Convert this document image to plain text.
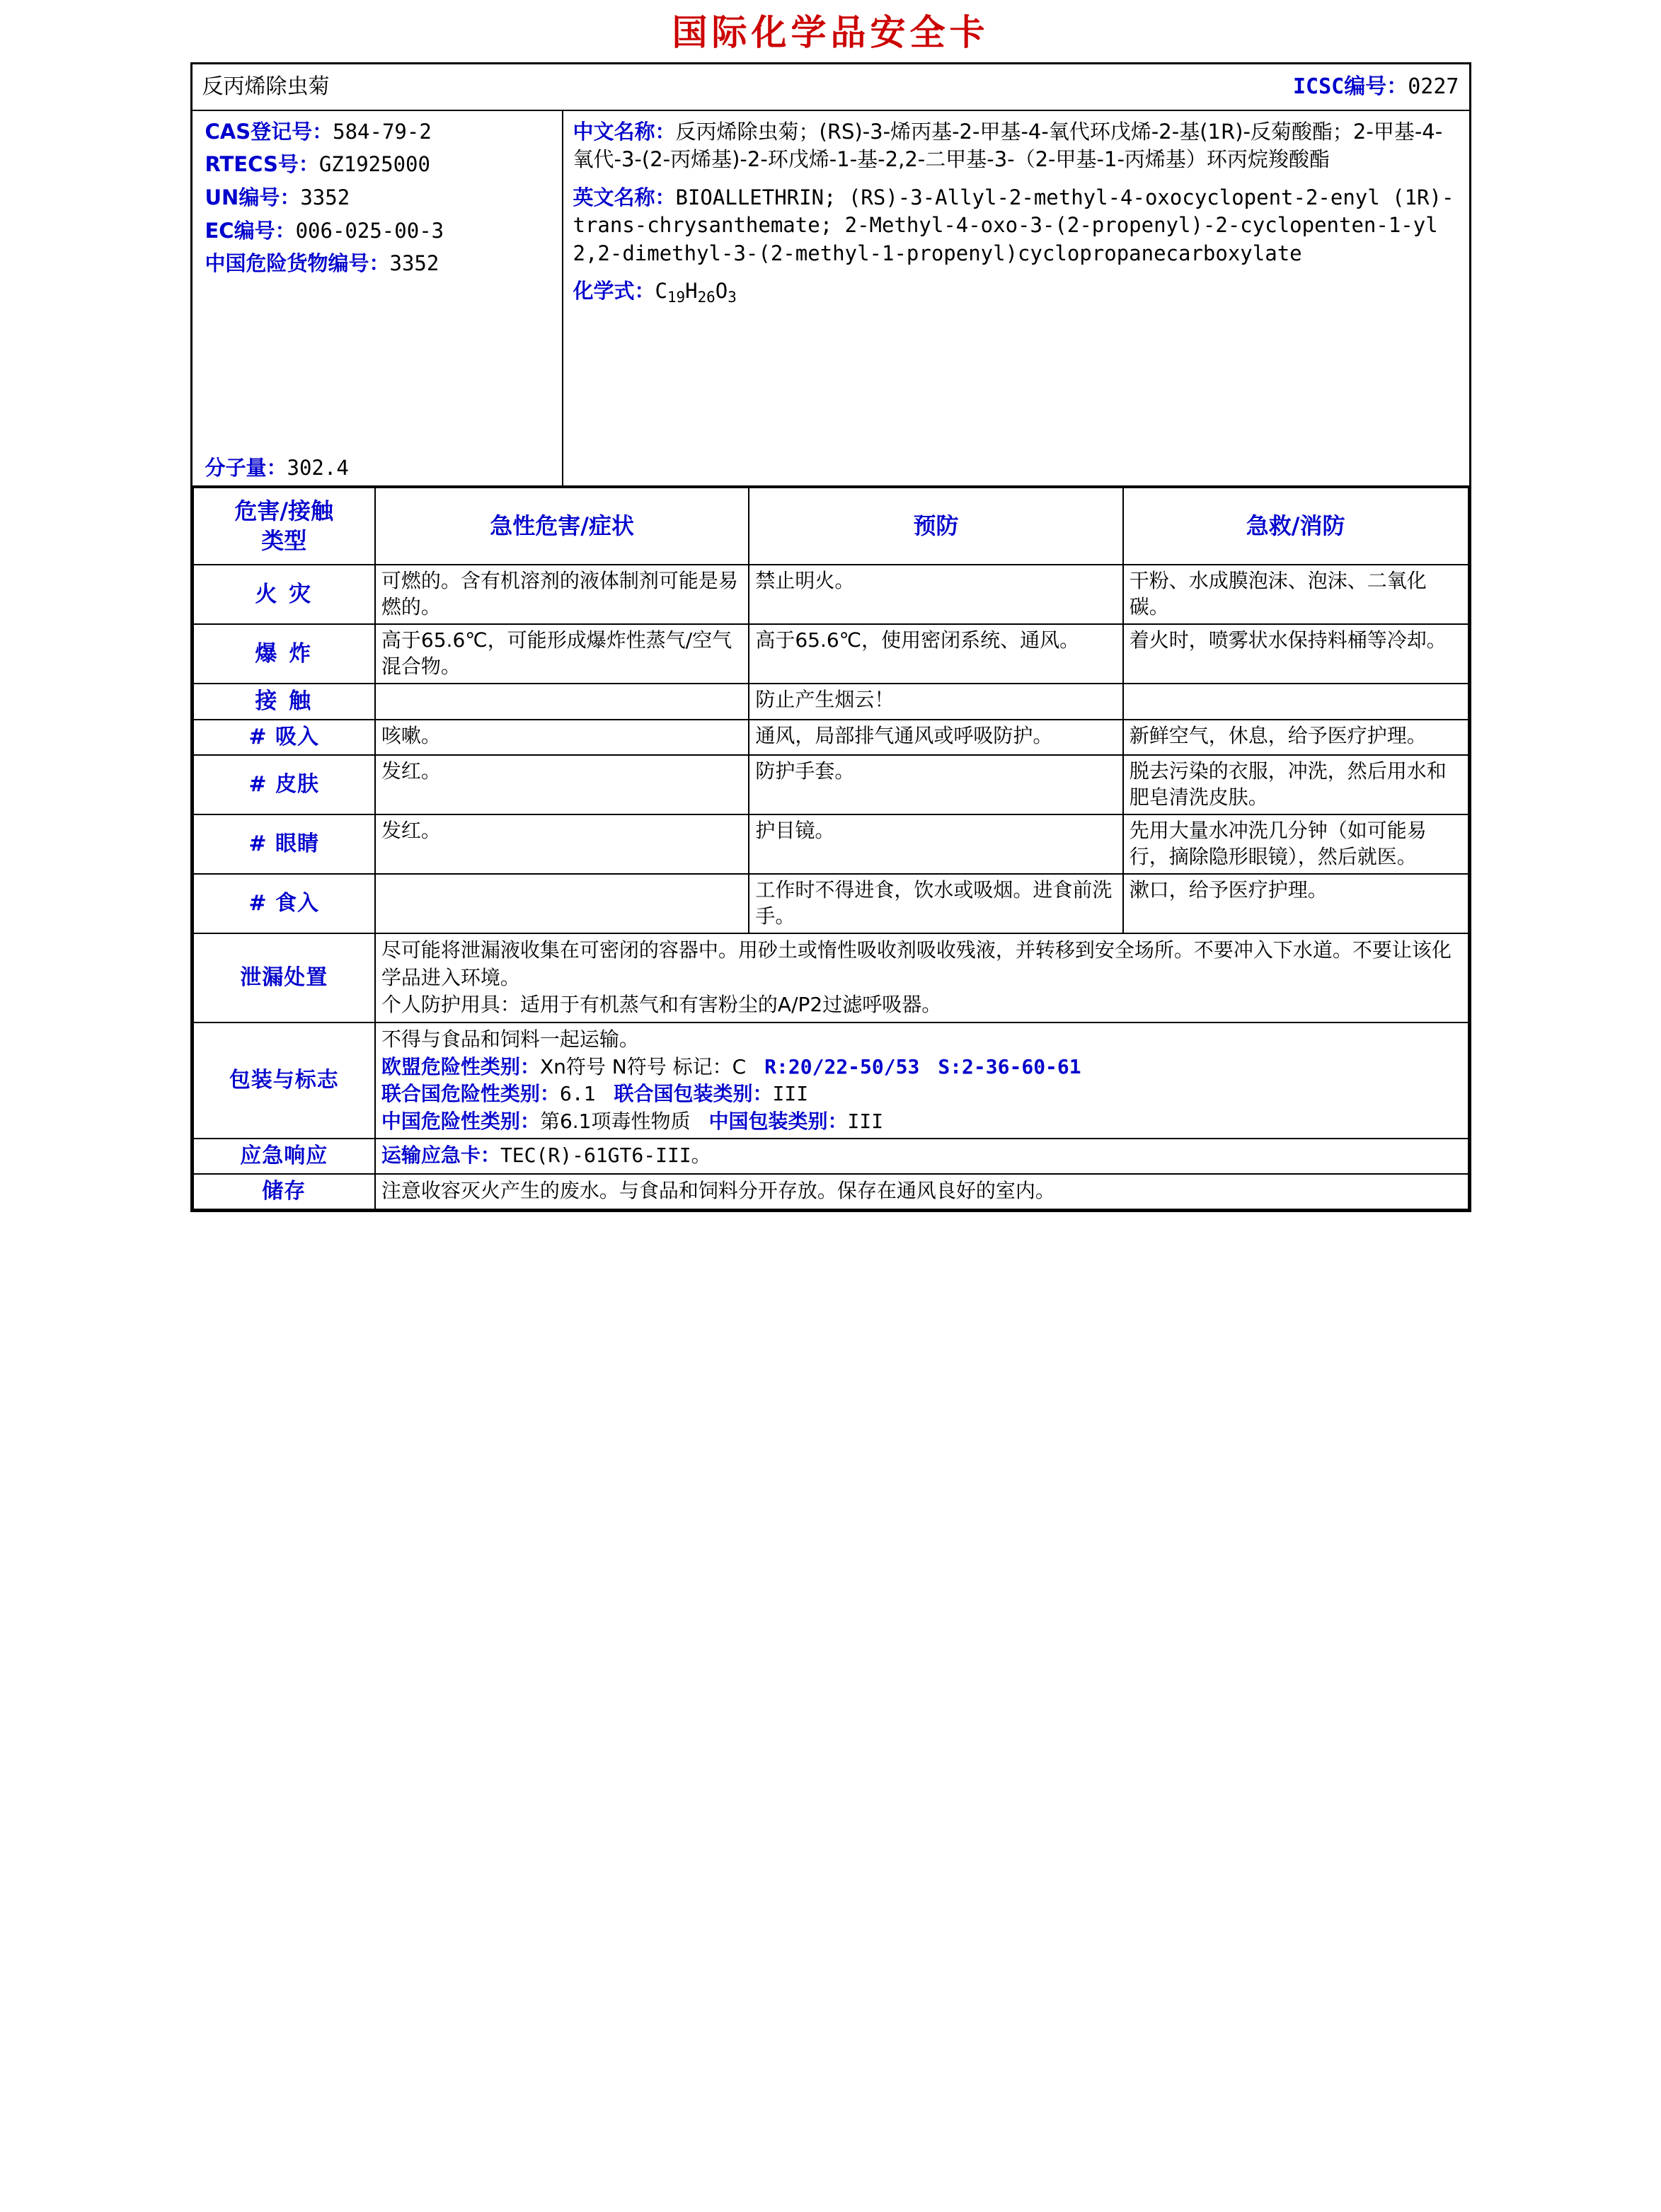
国际化学品安全卡
反丙烯除虫菊	ICSC编号：0227
CAS登记号：584-79-2
RTECS号：GZ1925000
UN编号：3352
EC编号：006-025-00-3
中国危险货物编号：3352
分子量：302.4

中文名称：反丙烯除虫菊；(RS)-3-烯丙基-2-甲基-4-氧代环戊烯-2-基(1R)-反菊酸酯；2-甲基-4-氧代-3-(2-丙烯基)-2-环戊烯-1-基-2,2-二甲基-3-（2-甲基-1-丙烯基）环丙烷羧酸酯
英文名称：BIOALLETHRIN; (RS)-3-Allyl-2-methyl-4-oxocyclopent-2-enyl (1R)-trans-chrysanthemate; 2-Methyl-4-oxo-3-(2-propenyl)-2-cyclopenten-1-yl 2,2-dimethyl-3-(2-methyl-1-propenyl)cyclopropanecarboxylate
化学式：$C_{19}H_{26}O_3$
危害/接触
类型	急性危害/症状	预防	急救/消防
火 灾	可燃的。含有机溶剂的液体制剂可能是易燃的。	禁止明火。	干粉、水成膜泡沫、泡沫、二氧化碳。
爆 炸	高于65.6℃，可能形成爆炸性蒸气/空气混合物。	高于65.6℃，使用密闭系统、通风。	着火时，喷雾状水保持料桶等冷却。
接 触		防止产生烟云！	
# 吸入	咳嗽。	通风，局部排气通风或呼吸防护。	新鲜空气，休息，给予医疗护理。
# 皮肤	发红。	防护手套。	脱去污染的衣服，冲洗，然后用水和肥皂清洗皮肤。
# 眼睛	发红。	护目镜。	先用大量水冲洗几分钟（如可能易行，摘除隐形眼镜），然后就医。
# 食入		工作时不得进食，饮水或吸烟。进食前洗手。	漱口，给予医疗护理。
泄漏处置	尽可能将泄漏液收集在可密闭的容器中。用砂土或惰性吸收剂吸收残液，并转移到安全场所。不要冲入下水道。不要让该化学品进入环境。
个人防护用具：适用于有机蒸气和有害粉尘的A/P2过滤呼吸器。		

包装与标志	不得与食品和饲料一起运输。
欧盟危险性类别：Xn符号 N符号 标记：C R:20/22-50/53 S:2-36-60-61
联合国危险性类别：6.1 联合国包装类别：III
中国危险性类别：第6.1项毒性物质 中国包装类别：III		

应急响应	运输应急卡：TEC(R)-61GT6-III。		
储存	注意收容灭火产生的废水。与食品和饲料分开存放。保存在通风良好的室内。		
